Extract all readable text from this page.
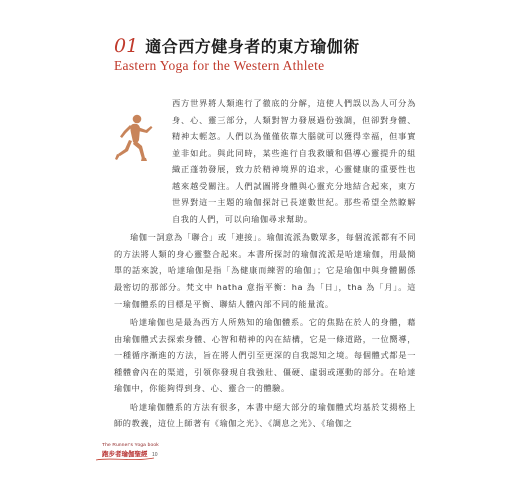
01 適合西方健身者的東方瑜伽術
Eastern Yoga for the Western Athlete

西方世界將人類進行了徹底的分解，這使人們誤以為人可分為身、心、靈三部分，人類對智力發展過份強調，但卻對身體、精神太輕忽。人們以為僅僅依靠大腦就可以獲得幸福，但事實並非如此。與此同時，某些進行自我救贖和倡導心靈提升的組織正蓬勃發展，致力於精神境界的追求，心靈健康的重要性也越來越受關注。人們試圖將身體與心靈充分地結合起來，東方世界對這一主題的瑜伽探討已長達數世紀。那些希望全然瞭解自我的人們，可以向瑜伽尋求幫助。

瑜伽一詞意為「聯合」或「連接」。瑜伽流派為數眾多，每個流派都有不同的方法將人類的身心靈整合起來。本書所探討的瑜伽流派是哈達瑜伽，用最簡單的話來說，哈達瑜伽是指「為健康而練習的瑜伽」；它是瑜伽中與身體關係最密切的那部分。梵文中 hatha 意指平衡：ha 為「日」，tha 為「月」。這一瑜伽體系的目標是平衡、聯結人體內部不同的能量流。

哈達瑜伽也是最為西方人所熟知的瑜伽體系。它的焦點在於人的身體，藉由瑜伽體式去探索身體、心智和精神的內在結構，它是一條道路，一位嚮導，一種循序漸進的方法，旨在將人們引至更深的自我認知之境。每個體式都是一種體會內在的渠道，引領你發現自我強壯、僵硬、虛弱或運動的部分。在哈達瑜伽中，你能夠得到身、心、靈合一的體驗。

哈達瑜伽體系的方法有很多，本書中絕大部分的瑜伽體式均基於艾揚格上師的教義，這位上師著有《瑜伽之光》、《調息之光》、《瑜伽之

The Runner's Yoga book
跑步者瑜伽聖經 10
